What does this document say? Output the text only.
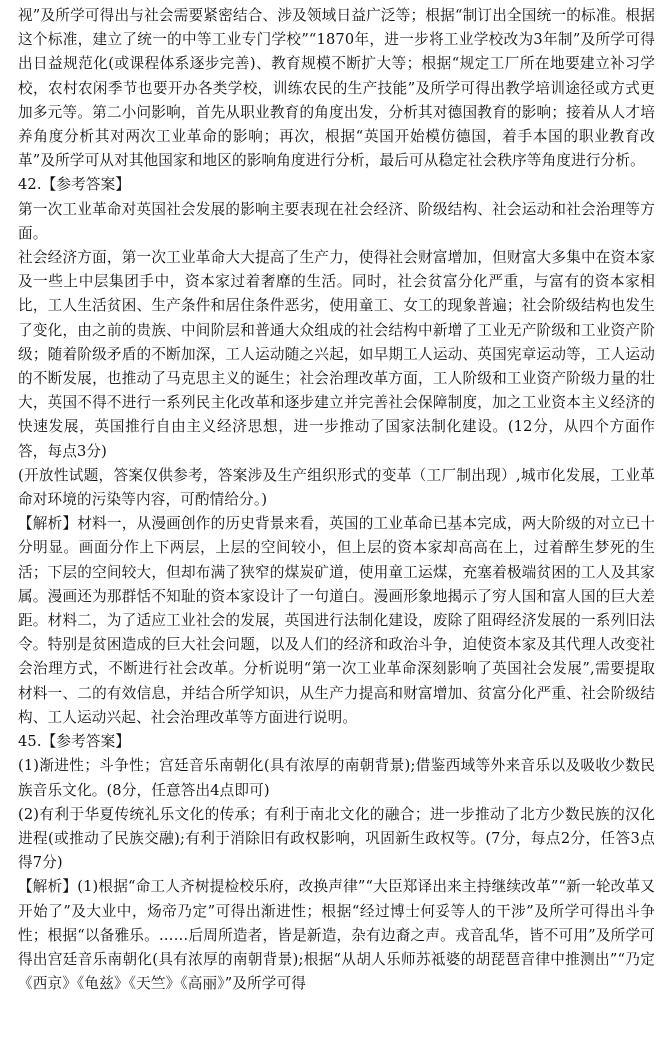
视”及所学可得出与社会需要紧密结合、涉及领域日益广泛等；根据“制订出全国统一的标准。根据这个标准，建立了统一的中等工业专门学校”“1870年，进一步将工业学校改为3年制”及所学可得出日益规范化(或课程体系逐步完善)、教育规模不断扩大等；根据“规定工厂所在地要建立补习学校，农村农闲季节也要开办各类学校，训练农民的生产技能”及所学可得出教学培训途径或方式更加多元等。第二小问影响，首先从职业教育的角度出发，分析其对德国教育的影响；接着从人才培养角度分析其对两次工业革命的影响；再次，根据“英国开始模仿德国，着手本国的职业教育改革”及所学可从对其他国家和地区的影响角度进行分析，最后可从稳定社会秩序等角度进行分析。

42.【参考答案】

第一次工业革命对英国社会发展的影响主要表现在社会经济、阶级结构、社会运动和社会治理等方面。

社会经济方面，第一次工业革命大大提高了生产力，使得社会财富增加，但财富大多集中在资本家及一些上中层集团手中，资本家过着奢靡的生活。同时，社会贫富分化严重，与富有的资本家相比，工人生活贫困、生产条件和居住条件恶劣，使用童工、女工的现象普遍；社会阶级结构也发生了变化，由之前的贵族、中间阶层和普通大众组成的社会结构中新增了工业无产阶级和工业资产阶级；随着阶级矛盾的不断加深，工人运动随之兴起，如早期工人运动、英国宪章运动等，工人运动的不断发展，也推动了马克思主义的诞生；社会治理改革方面，工人阶级和工业资产阶级力量的壮大，英国不得不进行一系列民主化改革和逐步建立并完善社会保障制度，加之工业资本主义经济的快速发展，英国推行自由主义经济思想，进一步推动了国家法制化建设。(12分，从四个方面作答，每点3分)

(开放性试题，答案仅供参考，答案涉及生产组织形式的变革（工厂制出现）,城市化发展，工业革命对环境的污染等内容，可酌情给分。)

【解析】材料一，从漫画创作的历史背景来看，英国的工业革命已基本完成，两大阶级的对立已十分明显。画面分作上下两层，上层的空间较小，但上层的资本家却高高在上，过着醉生梦死的生活；下层的空间较大，但却布满了狭窄的煤炭矿道，使用童工运煤，充塞着极端贫困的工人及其家属。漫画还为那群恬不知耻的资本家设计了一句道白。漫画形象地揭示了穷人国和富人国的巨大差距。材料二，为了适应工业社会的发展，英国进行法制化建设，废除了阻碍经济发展的一系列旧法令。特别是贫困造成的巨大社会问题，以及人们的经济和政治斗争，迫使资本家及其代理人改变社会治理方式，不断进行社会改革。分析说明“第一次工业革命深刻影响了英国社会发展”,需要提取材料一、二的有效信息，并结合所学知识，从生产力提高和财富增加、贫富分化严重、社会阶级结构、工人运动兴起、社会治理改革等方面进行说明。

45.【参考答案】

(1)渐进性；斗争性；宫廷音乐南朝化(具有浓厚的南朝背景);借鉴西域等外来音乐以及吸收少数民族音乐文化。(8分，任意答出4点即可)

(2)有利于华夏传统礼乐文化的传承；有利于南北文化的融合；进一步推动了北方少数民族的汉化进程(或推动了民族交融);有利于消除旧有政权影响，巩固新生政权等。(7分，每点2分，任答3点得7分)

【解析】(1)根据“命工人齐树提检校乐府，改换声律”“大臣郑译出来主持继续改革”“新一轮改革又开始了”及大业中，炀帝乃定”可得出渐进性；根据“经过博士何妥等人的干涉”及所学可得出斗争性；根据“以备雅乐。……后周所造者，皆是新造，杂有边裔之声。戎音乱华，皆不可用”及所学可得出宫廷音乐南朝化(具有浓厚的南朝背景);根据“从胡人乐师苏祗婆的胡琵琶音律中推测出”“乃定《西京》《龟兹》《天竺》《高丽》”及所学可得
